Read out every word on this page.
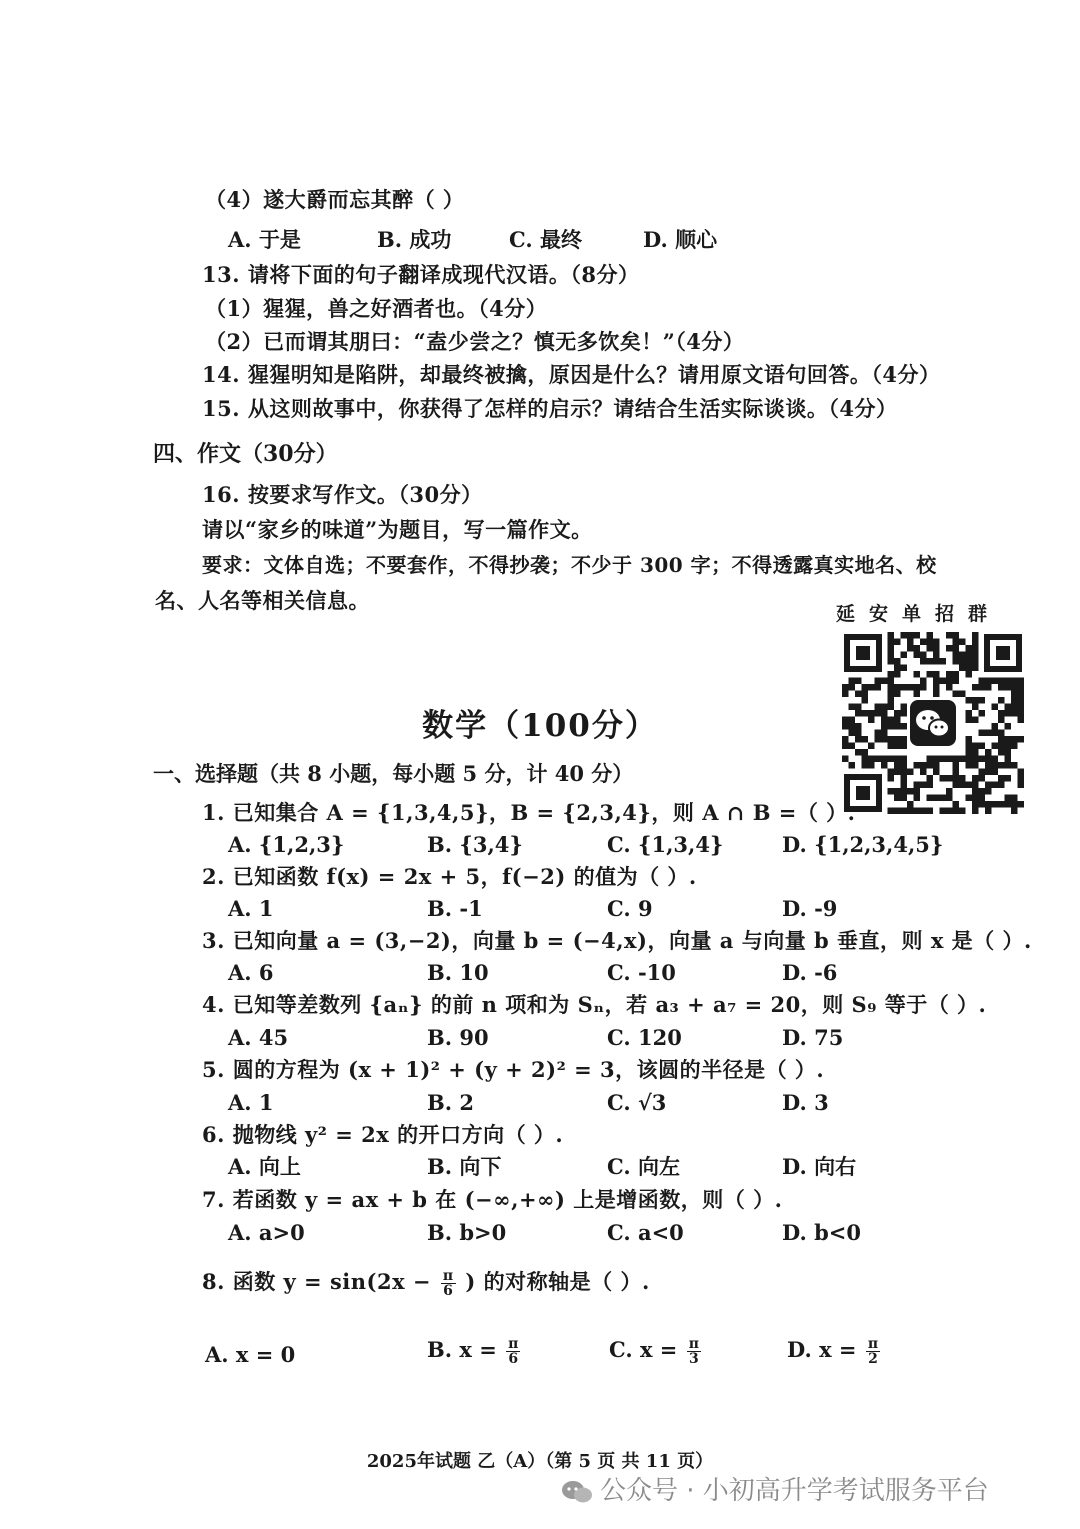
（4）遂大爵而忘其醉（ ）
A. 于是	B. 成功	C. 最终	D. 顺心
13. 请将下面的句子翻译成现代汉语。（8分）
（1）猩猩，兽之好酒者也。（4分）
（2）已而谓其朋曰：“盍少尝之？慎无多饮矣！”（4分）
14. 猩猩明知是陷阱，却最终被擒，原因是什么？请用原文语句回答。（4分）
15. 从这则故事中，你获得了怎样的启示？请结合生活实际谈谈。（4分）
四、作文（30分）
16. 按要求写作文。（30分）
请以“家乡的味道”为题目，写一篇作文。
要求：文体自选；不要套作，不得抄袭；不少于 300 字；不得透露真实地名、校
名、人名等相关信息。
延安单招群
数学（100分）
一、选择题（共 8 小题，每小题 5 分，计 40 分）
1. 已知集合 A = {1,3,4,5}，B = {2,3,4}，则 A ∩ B =（ ）.
A. {1,2,3}	B. {3,4}	C. {1,3,4}	D. {1,2,3,4,5}
2. 已知函数 f(x) = 2x + 5，f(−2) 的值为（ ）.
A. 1	B. -1	C. 9	D. -9
3. 已知向量 a = (3,−2)，向量 b = (−4,x)，向量 a 与向量 b 垂直，则 x 是（ ）.
A. 6	B. 10	C. -10	D. -6
4. 已知等差数列 {aₙ} 的前 n 项和为 Sₙ，若 a₃ + a₇ = 20，则 S₉ 等于（ ）.
A. 45	B. 90	C. 120	D. 75
5. 圆的方程为 (x + 1)² + (y + 2)² = 3，该圆的半径是（ ）.
A. 1	B. 2	C. √3	D. 3
6. 抛物线 y² = 2x 的开口方向（ ）.
A. 向上	B. 向下	C. 向左	D. 向右
7. 若函数 y = ax + b 在 (−∞,+∞) 上是增函数，则（ ）.
A. a>0	B. b>0	C. a<0	D. b<0
8. 函数 $y = \sin(2x - \frac{\pi}{6}$ ) 的对称轴是（ ）.
A. x = 0	B. $x = \frac{\pi}{6}$	C. $x = \frac{\pi}{3}$	D. $x = \frac{\pi}{2}$
2025年试题 乙（A）（第 5 页 共 11 页）
公众号 · 小初高升学考试服务平台
